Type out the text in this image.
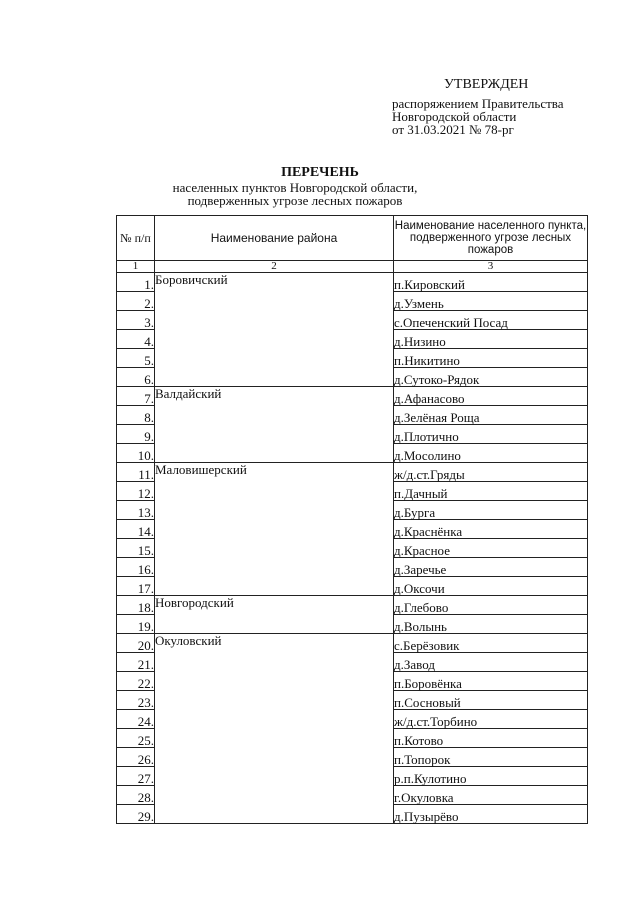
УТВЕРЖДЕН
распоряжением Правительства
Новгородской области
от 31.03.2021 № 78-рг
ПЕРЕЧЕНЬ
населенных пунктов Новгородской области, подверженных угрозе лесных пожаров
№ п/п	Наименование района	Наименование населенного пункта, подверженного угрозе лесных пожаров
1	2	3
1.	Боровичский	п.Кировский
2.		д.Узмень
3.		с.Опеченский Посад
4.		д.Низино
5.		п.Никитино
6.		д.Сутоко-Рядок
7.	Валдайский	д.Афанасово
8.		д.Зелёная Роща
9.		д.Плотично
10.		д.Мосолино
11.	Маловишерский	ж/д.ст.Гряды
12.		п.Дачный
13.		д.Бурга
14.		д.Краснёнка
15.		д.Красное
16.		д.Заречье
17.		д.Оксочи
18.	Новгородский	д.Глебово
19.		д.Волынь
20.	Окуловский	с.Берёзовик
21.		д.Завод
22.		п.Боровёнка
23.		п.Сосновый
24.		ж/д.ст.Торбино
25.		п.Котово
26.		п.Топорок
27.		р.п.Кулотино
28.		г.Окуловка
29.		д.Пузырёво
